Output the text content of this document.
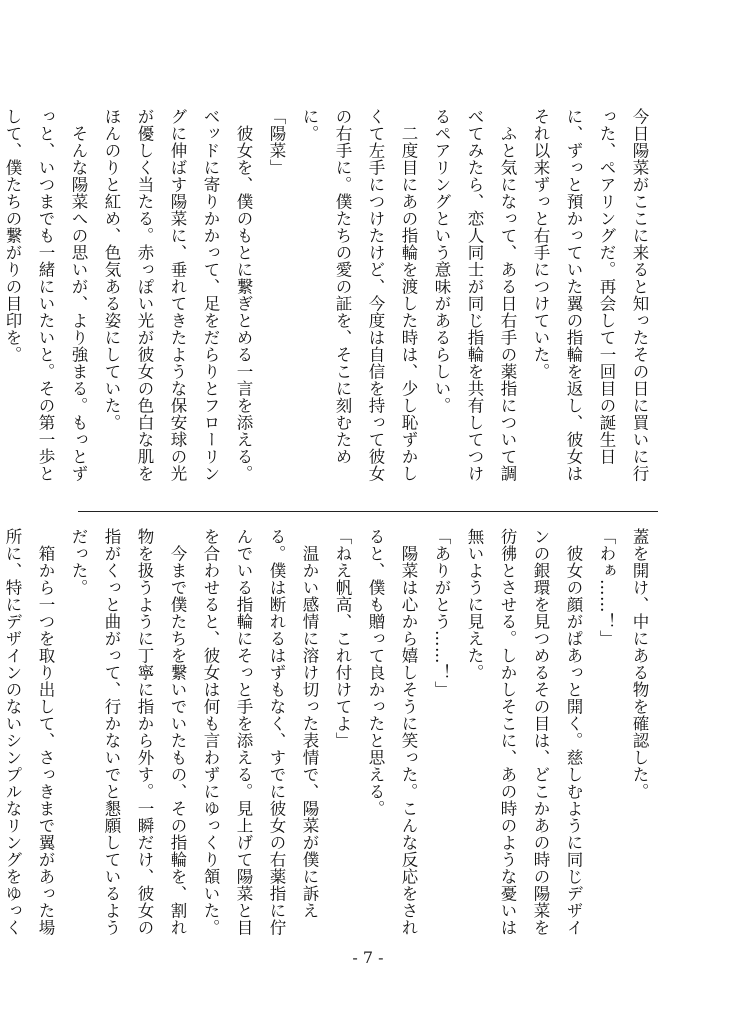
今日陽菜がここに来ると知ったその日に買いに行った、ペアリングだ。再会して一回目の誕生日に、ずっと預かっていた翼の指輪を返し、彼女はそれ以来ずっと右手につけていた。

　ふと気になって、ある日右手の薬指について調べてみたら、恋人同士が同じ指輪を共有してつけるペアリングという意味があるらしい。

　二度目にあの指輪を渡した時は、少し恥ずかしくて左手につけたけど、今度は自信を持って彼女の右手に。僕たちの愛の証を、そこに刻むために。

「陽菜」

　彼女を、僕のもとに繋ぎとめる一言を添える。ベッドに寄りかかって、足をだらりとフローリングに伸ばす陽菜に、垂れてきたような保安球の光が優しく当たる。赤っぽい光が彼女の色白な肌をほんのりと紅め、色気ある姿にしていた。

　そんな陽菜への思いが、より強まる。もっとずっと、いつまでも一緒にいたいと。その第一歩として、僕たちの繋がりの目印を。

蓋を開け、中にある物を確認した。

「わぁ……！」

　彼女の顔がぱあっと開く。慈しむように同じデザインの銀環を見つめるその目は、どこかあの時の陽菜を彷彿とさせる。しかしそこに、あの時のような憂いは無いように見えた。

「ありがとう……！」

　陽菜は心から嬉しそうに笑った。こんな反応をされると、僕も贈って良かったと思える。

「ねえ帆高、これ付けてよ」

　温かい感情に溶け切った表情で、陽菜が僕に訴える。僕は断れるはずもなく、すでに彼女の右薬指に佇んでいる指輪にそっと手を添える。見上げて陽菜と目を合わせると、彼女は何も言わずにゆっくり頷いた。

　今まで僕たちを繋いでいたもの、その指輪を、割れ物を扱うように丁寧に指から外す。一瞬だけ、彼女の指がくっと曲がって、行かないでと懇願しているようだった。

　箱から一つを取り出して、さっきまで翼があった場所に、特にデザインのないシンプルなリングをゆっく

- 7 -
